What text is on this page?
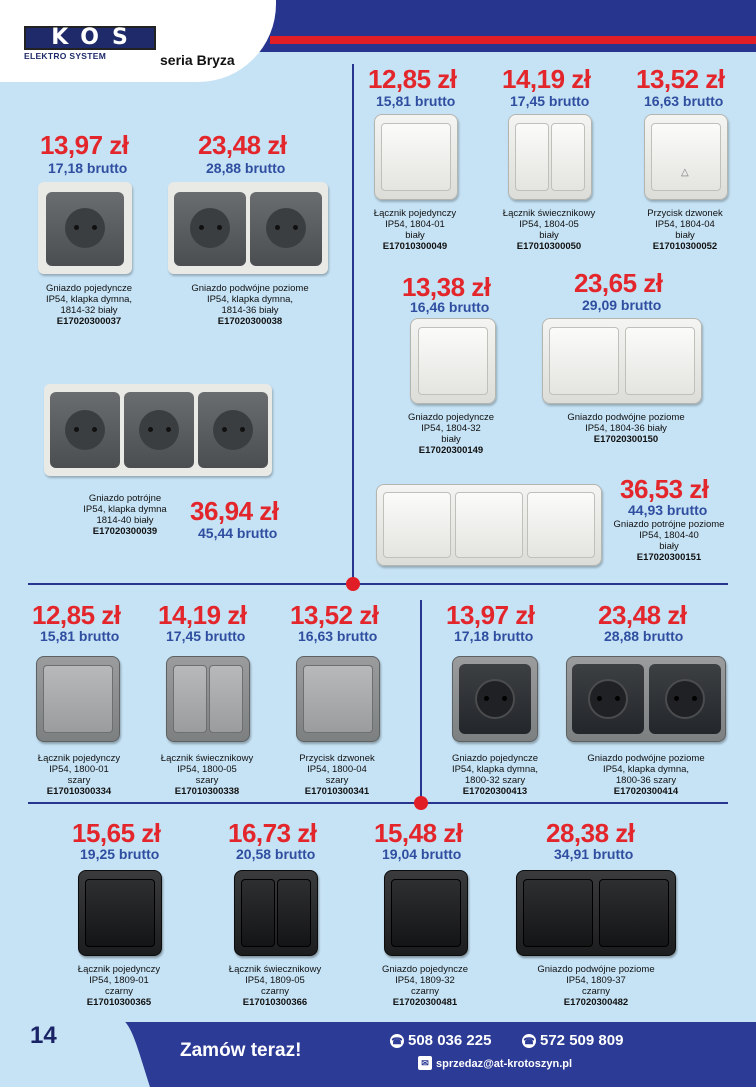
KOS
ELEKTRO SYSTEM	seria Bryza
13,97 zł
17,18 brutto
Gniazdo pojedyncze
IP54, klapka dymna,
1814-32 biały
E17020300037
23,48 zł
28,88 brutto
Gniazdo podwójne poziome
IP54, klapka dymna,
1814-36 biały
E17020300038
Gniazdo potrójne
IP54, klapka dymna
1814-40 biały
E17020300039
36,94 zł
45,44 brutto
12,85 zł
15,81 brutto
Łącznik pojedynczy
IP54, 1804-01
biały
E17010300049
14,19 zł
17,45 brutto
Łącznik świecznikowy
IP54, 1804-05
biały
E17010300050
13,52 zł
16,63 brutto
△
Przycisk dzwonek
IP54, 1804-04
biały
E17010300052
13,38 zł
16,46 brutto
Gniazdo pojedyncze
IP54, 1804-32
biały
E17020300149
23,65 zł
29,09 brutto
Gniazdo podwójne poziome
IP54, 1804-36 biały
E17020300150
36,53 zł
44,93 brutto
Gniazdo potrójne poziome
IP54, 1804-40
biały
E17020300151
12,85 zł
15,81 brutto
Łącznik pojedynczy
IP54, 1800-01
szary
E17010300334
14,19 zł
17,45 brutto
Łącznik świecznikowy
IP54, 1800-05
szary
E17010300338
13,52 zł
16,63 brutto
Przycisk dzwonek
IP54, 1800-04
szary
E17010300341
13,97 zł
17,18 brutto
Gniazdo pojedyncze
IP54, klapka dymna,
1800-32 szary
E17020300413
23,48 zł
28,88 brutto
Gniazdo podwójne poziome
IP54, klapka dymna,
1800-36 szary
E17020300414
15,65 zł
19,25 brutto
Łącznik pojedynczy
IP54, 1809-01
czarny
E17010300365
16,73 zł
20,58 brutto
Łącznik świecznikowy
IP54, 1809-05
czarny
E17010300366
15,48 zł
19,04 brutto
Gniazdo pojedyncze
IP54, 1809-32
czarny
E17020300481
28,38 zł
34,91 brutto
Gniazdo podwójne poziome
IP54, 1809-37
czarny
E17020300482
14
Zamów teraz!	☎ 508 036 225	☎ 572 509 809
✉ sprzedaz@at-krotoszyn.pl
